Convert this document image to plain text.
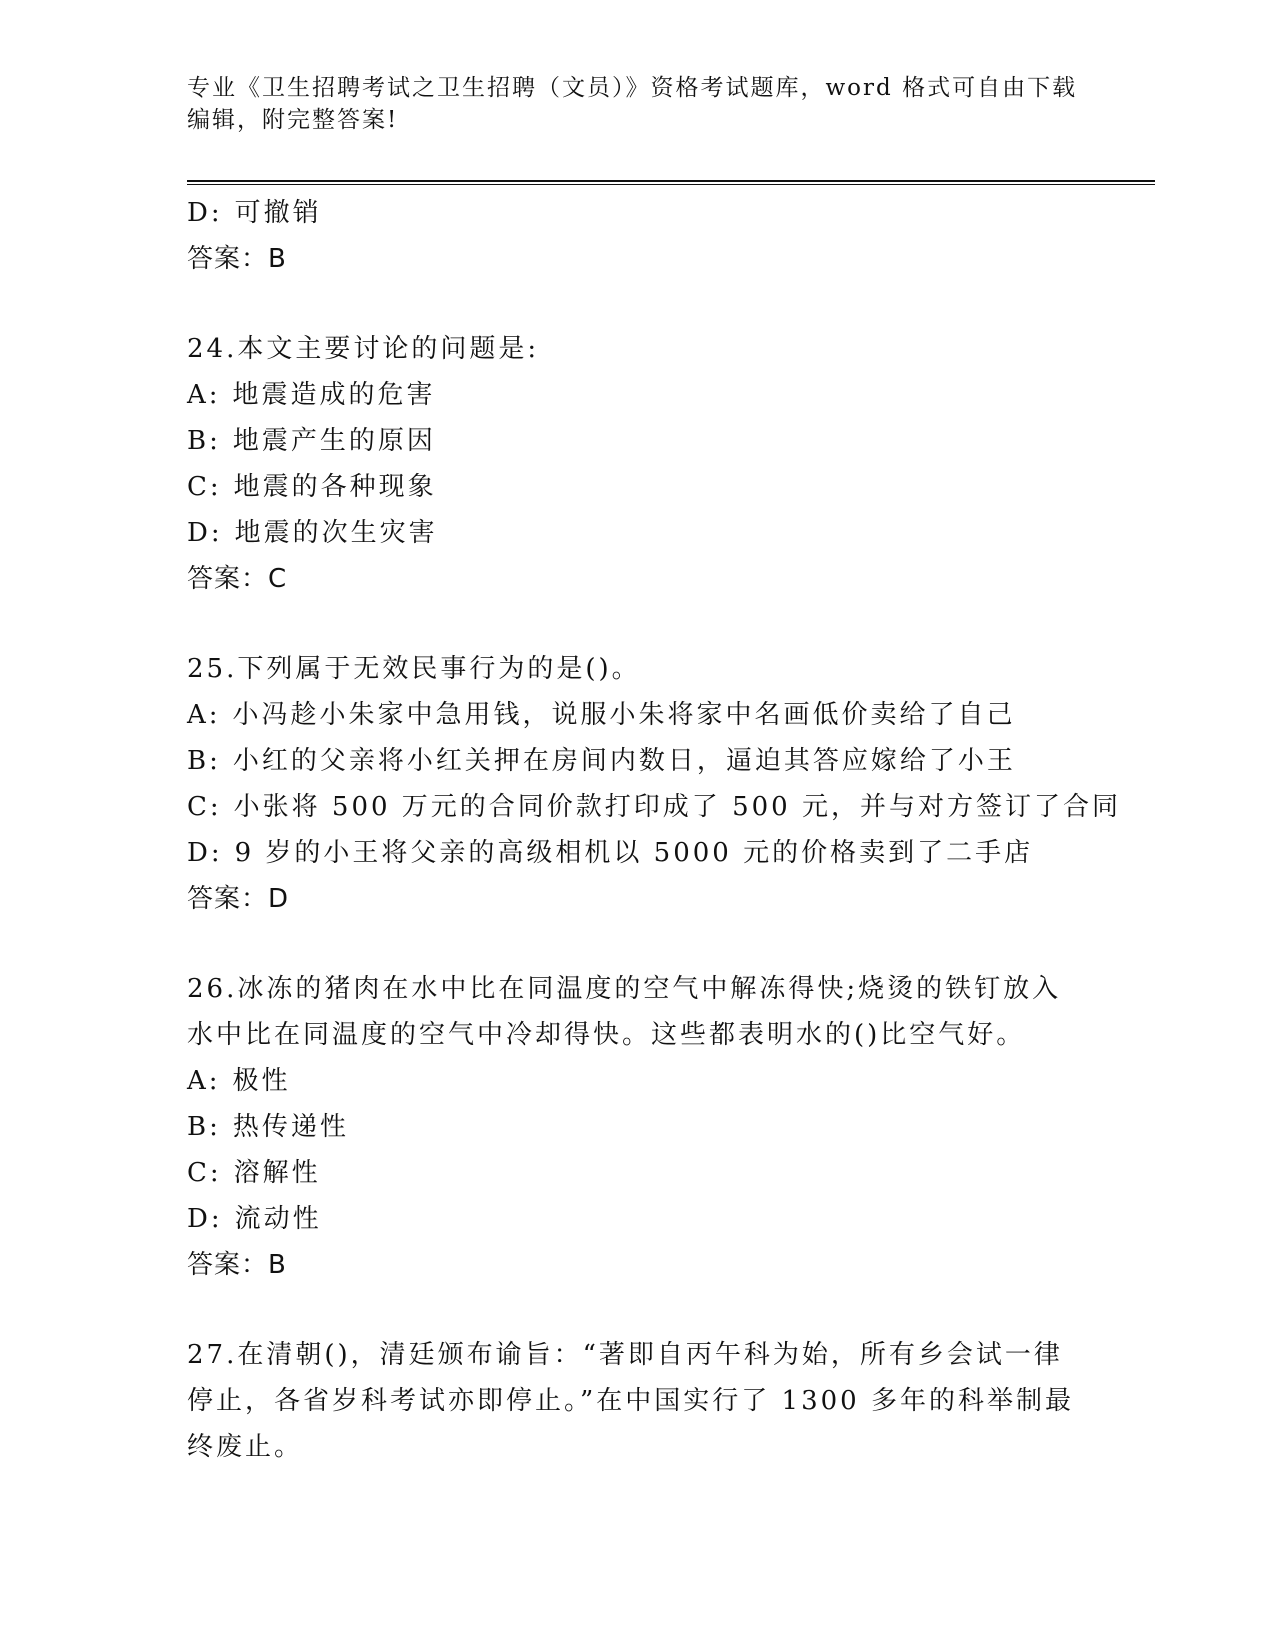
专业《卫生招聘考试之卫生招聘（文员）》资格考试题库，word 格式可自由下载
编辑，附完整答案!
D: 可撤销
答案：B
24.本文主要讨论的问题是:
A: 地震造成的危害
B: 地震产生的原因
C: 地震的各种现象
D: 地震的次生灾害
答案：C
25.下列属于无效民事行为的是()。
A: 小冯趁小朱家中急用钱，说服小朱将家中名画低价卖给了自己
B: 小红的父亲将小红关押在房间内数日，逼迫其答应嫁给了小王
C: 小张将 500 万元的合同价款打印成了 500 元，并与对方签订了合同
D: 9 岁的小王将父亲的高级相机以 5000 元的价格卖到了二手店
答案：D
26.冰冻的猪肉在水中比在同温度的空气中解冻得快;烧烫的铁钉放入
水中比在同温度的空气中冷却得快。这些都表明水的()比空气好。
A: 极性
B: 热传递性
C: 溶解性
D: 流动性
答案：B
27.在清朝()，清廷颁布谕旨：“著即自丙午科为始，所有乡会试一律
停止，各省岁科考试亦即停止。”在中国实行了 1300 多年的科举制最
终废止。
